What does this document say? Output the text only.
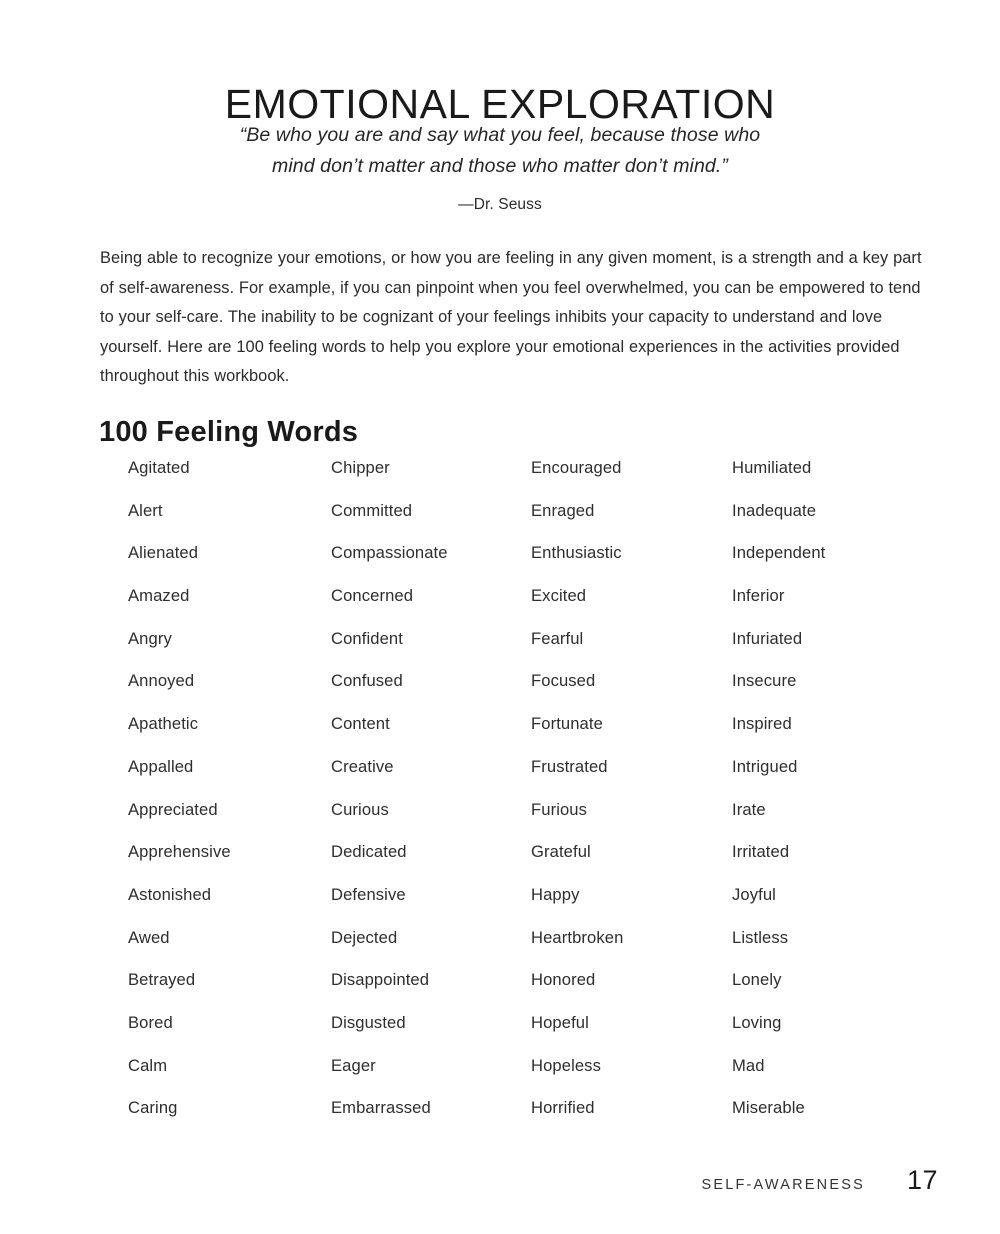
EMOTIONAL EXPLORATION
“Be who you are and say what you feel, because those who
mind don’t matter and those who matter don’t mind.”
—Dr. Seuss

Being able to recognize your emotions, or how you are feeling in any given moment, is a strength and a key part of self-awareness. For example, if you can pinpoint when you feel overwhelmed, you can be empowered to tend to your self-care. The inability to be cognizant of your feelings inhibits your capacity to understand and love yourself. Here are 100 feeling words to help you explore your emotional experiences in the activities provided throughout this workbook.

100 Feeling Words
Agitated
Alert
Alienated
Amazed
Angry
Annoyed
Apathetic
Appalled
Appreciated
Apprehensive
Astonished
Awed
Betrayed
Bored
Calm
Caring
Chipper
Committed
Compassionate
Concerned
Confident
Confused
Content
Creative
Curious
Dedicated
Defensive
Dejected
Disappointed
Disgusted
Eager
Embarrassed
Encouraged
Enraged
Enthusiastic
Excited
Fearful
Focused
Fortunate
Frustrated
Furious
Grateful
Happy
Heartbroken
Honored
Hopeful
Hopeless
Horrified
Humiliated
Inadequate
Independent
Inferior
Infuriated
Insecure
Inspired
Intrigued
Irate
Irritated
Joyful
Listless
Lonely
Loving
Mad
Miserable
SELF-AWARENESS 17
